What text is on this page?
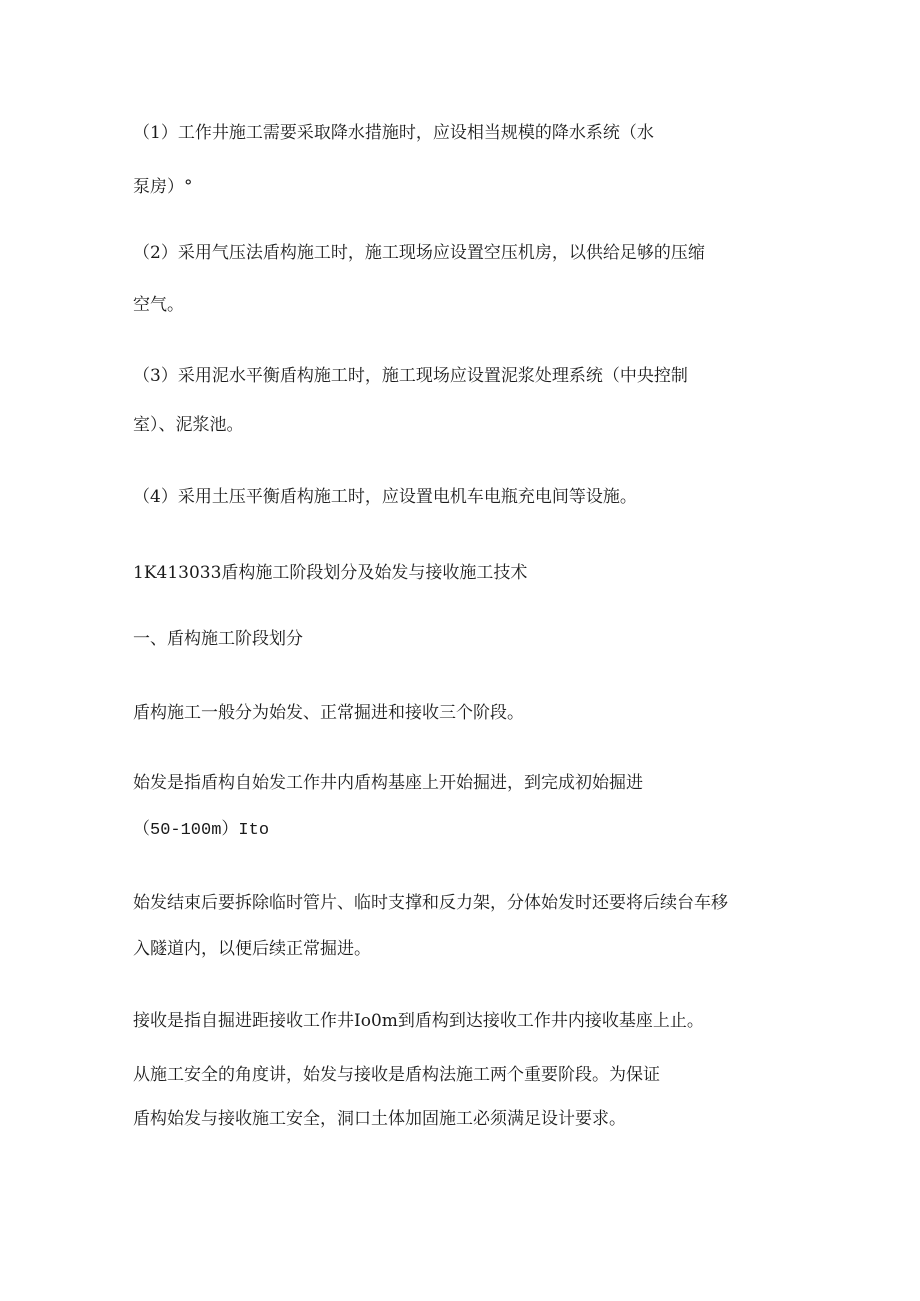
（1）工作井施工需要采取降水措施时，应设相当规模的降水系统（水
泵房）°
（2）采用气压法盾构施工时，施工现场应设置空压机房，以供给足够的压缩
空气。
（3）采用泥水平衡盾构施工时，施工现场应设置泥浆处理系统（中央控制
室）、泥浆池。
（4）采用土压平衡盾构施工时，应设置电机车电瓶充电间等设施。
1K413033盾构施工阶段划分及始发与接收施工技术
一、盾构施工阶段划分
盾构施工一般分为始发、正常掘进和接收三个阶段。
始发是指盾构自始发工作井内盾构基座上开始掘进，到完成初始掘进
（50-100m）Ito
始发结束后要拆除临时管片、临时支撑和反力架，分体始发时还要将后续台车移
入隧道内，以便后续正常掘进。
接收是指自掘进距接收工作井Io0m到盾构到达接收工作井内接收基座上止。
从施工安全的角度讲，始发与接收是盾构法施工两个重要阶段。为保证
盾构始发与接收施工安全，洞口土体加固施工必须满足设计要求。
